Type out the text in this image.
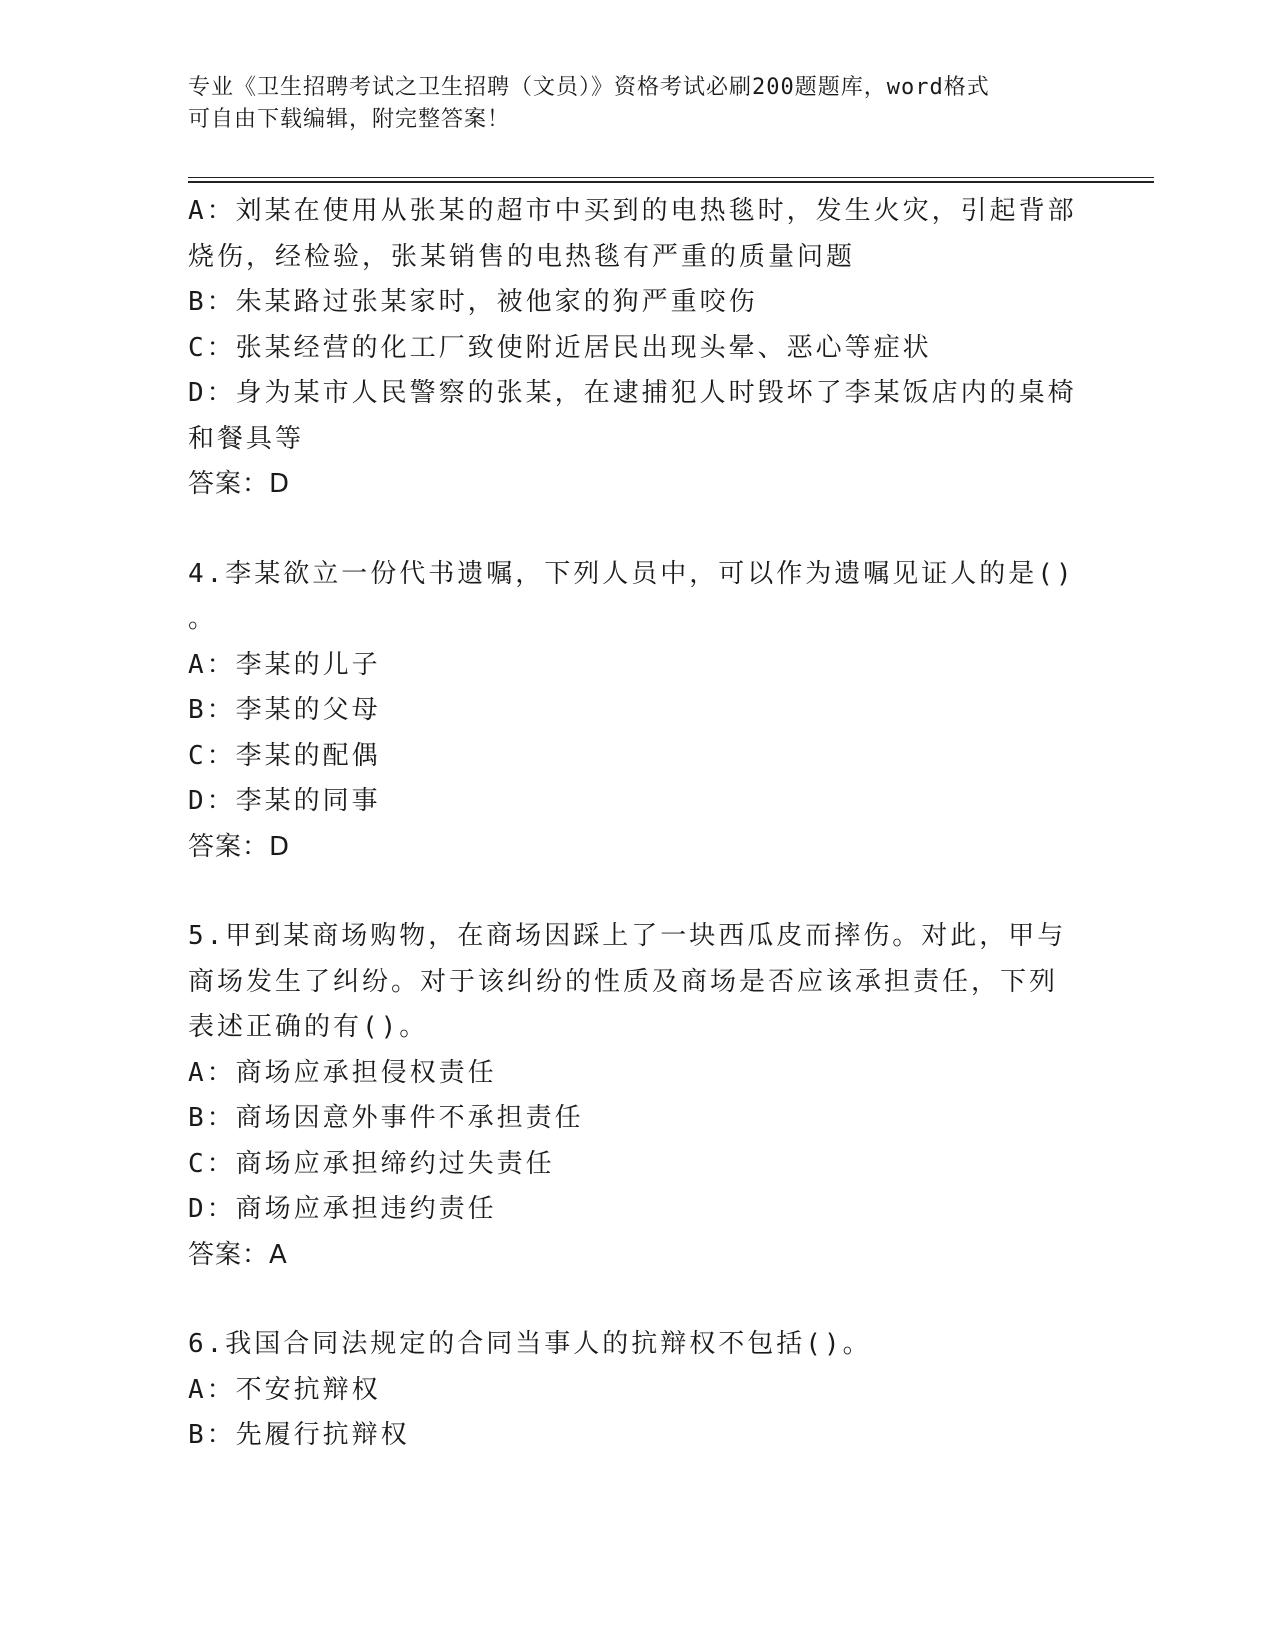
专业《卫生招聘考试之卫生招聘（文员）》资格考试必刷200题题库，word格式
可自由下载编辑，附完整答案！
A：刘某在使用从张某的超市中买到的电热毯时，发生火灾，引起背部
烧伤，经检验，张某销售的电热毯有严重的质量问题
B：朱某路过张某家时，被他家的狗严重咬伤
C：张某经营的化工厂致使附近居民出现头晕、恶心等症状
D：身为某市人民警察的张某，在逮捕犯人时毁坏了李某饭店内的桌椅
和餐具等
答案：D
4.李某欲立一份代书遗嘱，下列人员中，可以作为遗嘱见证人的是()
。
A：李某的儿子
B：李某的父母
C：李某的配偶
D：李某的同事
答案：D
5.甲到某商场购物，在商场因踩上了一块西瓜皮而摔伤。对此，甲与
商场发生了纠纷。对于该纠纷的性质及商场是否应该承担责任，下列
表述正确的有()。
A：商场应承担侵权责任
B：商场因意外事件不承担责任
C：商场应承担缔约过失责任
D：商场应承担违约责任
答案：A
6.我国合同法规定的合同当事人的抗辩权不包括()。
A：不安抗辩权
B：先履行抗辩权
